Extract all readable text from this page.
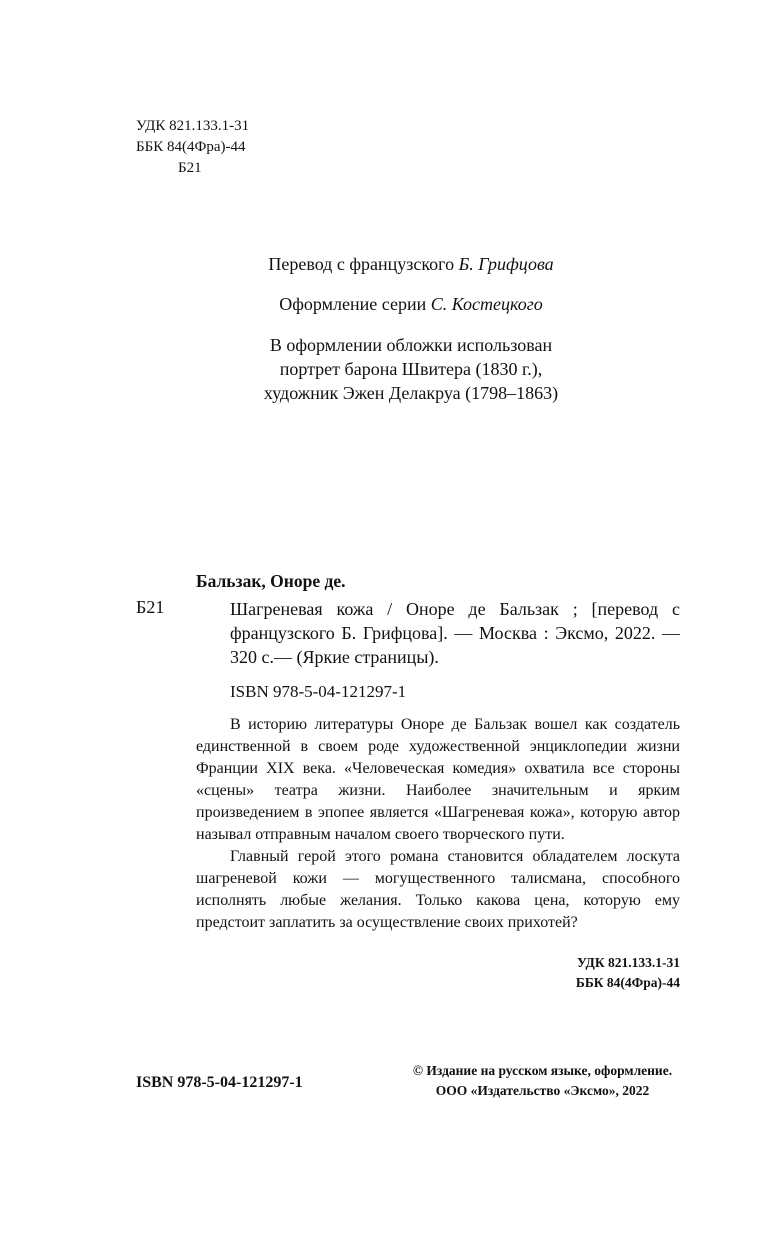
УДК 821.133.1-31
ББК 84(4Фра)-44
Б21
Перевод с французского Б. Грифцова
Оформление серии С. Костецкого
В оформлении обложки использован
портрет барона Швитера (1830 г.),
художник Эжен Делакруа (1798–1863)
Бальзак, Оноре де.
Б21	Шагреневая кожа / Оноре де Бальзак ; [перевод с французского Б. Грифцова]. — Москва : Эксмо, 2022. — 320 с.— (Яркие страницы).
ISBN 978-5-04-121297-1

В историю литературы Оноре де Бальзак вошел как создатель единственной в своем роде художественной энциклопедии жизни Франции XIX века. «Человеческая комедия» охватила все стороны «сцены» театра жизни. Наиболее значительным и ярким произведением в эпопее является «Шагреневая кожа», которую автор называл отправным началом своего творческого пути.

Главный герой этого романа становится обладателем лоскута шагреневой кожи — могущественного талисмана, способного исполнять любые желания. Только какова цена, которую ему предстоит заплатить за осуществление своих прихотей?

УДК 821.133.1-31
ББК 84(4Фра)-44
ISBN 978-5-04-121297-1
© Издание на русском языке, оформление.
ООО «Издательство «Эксмо», 2022
